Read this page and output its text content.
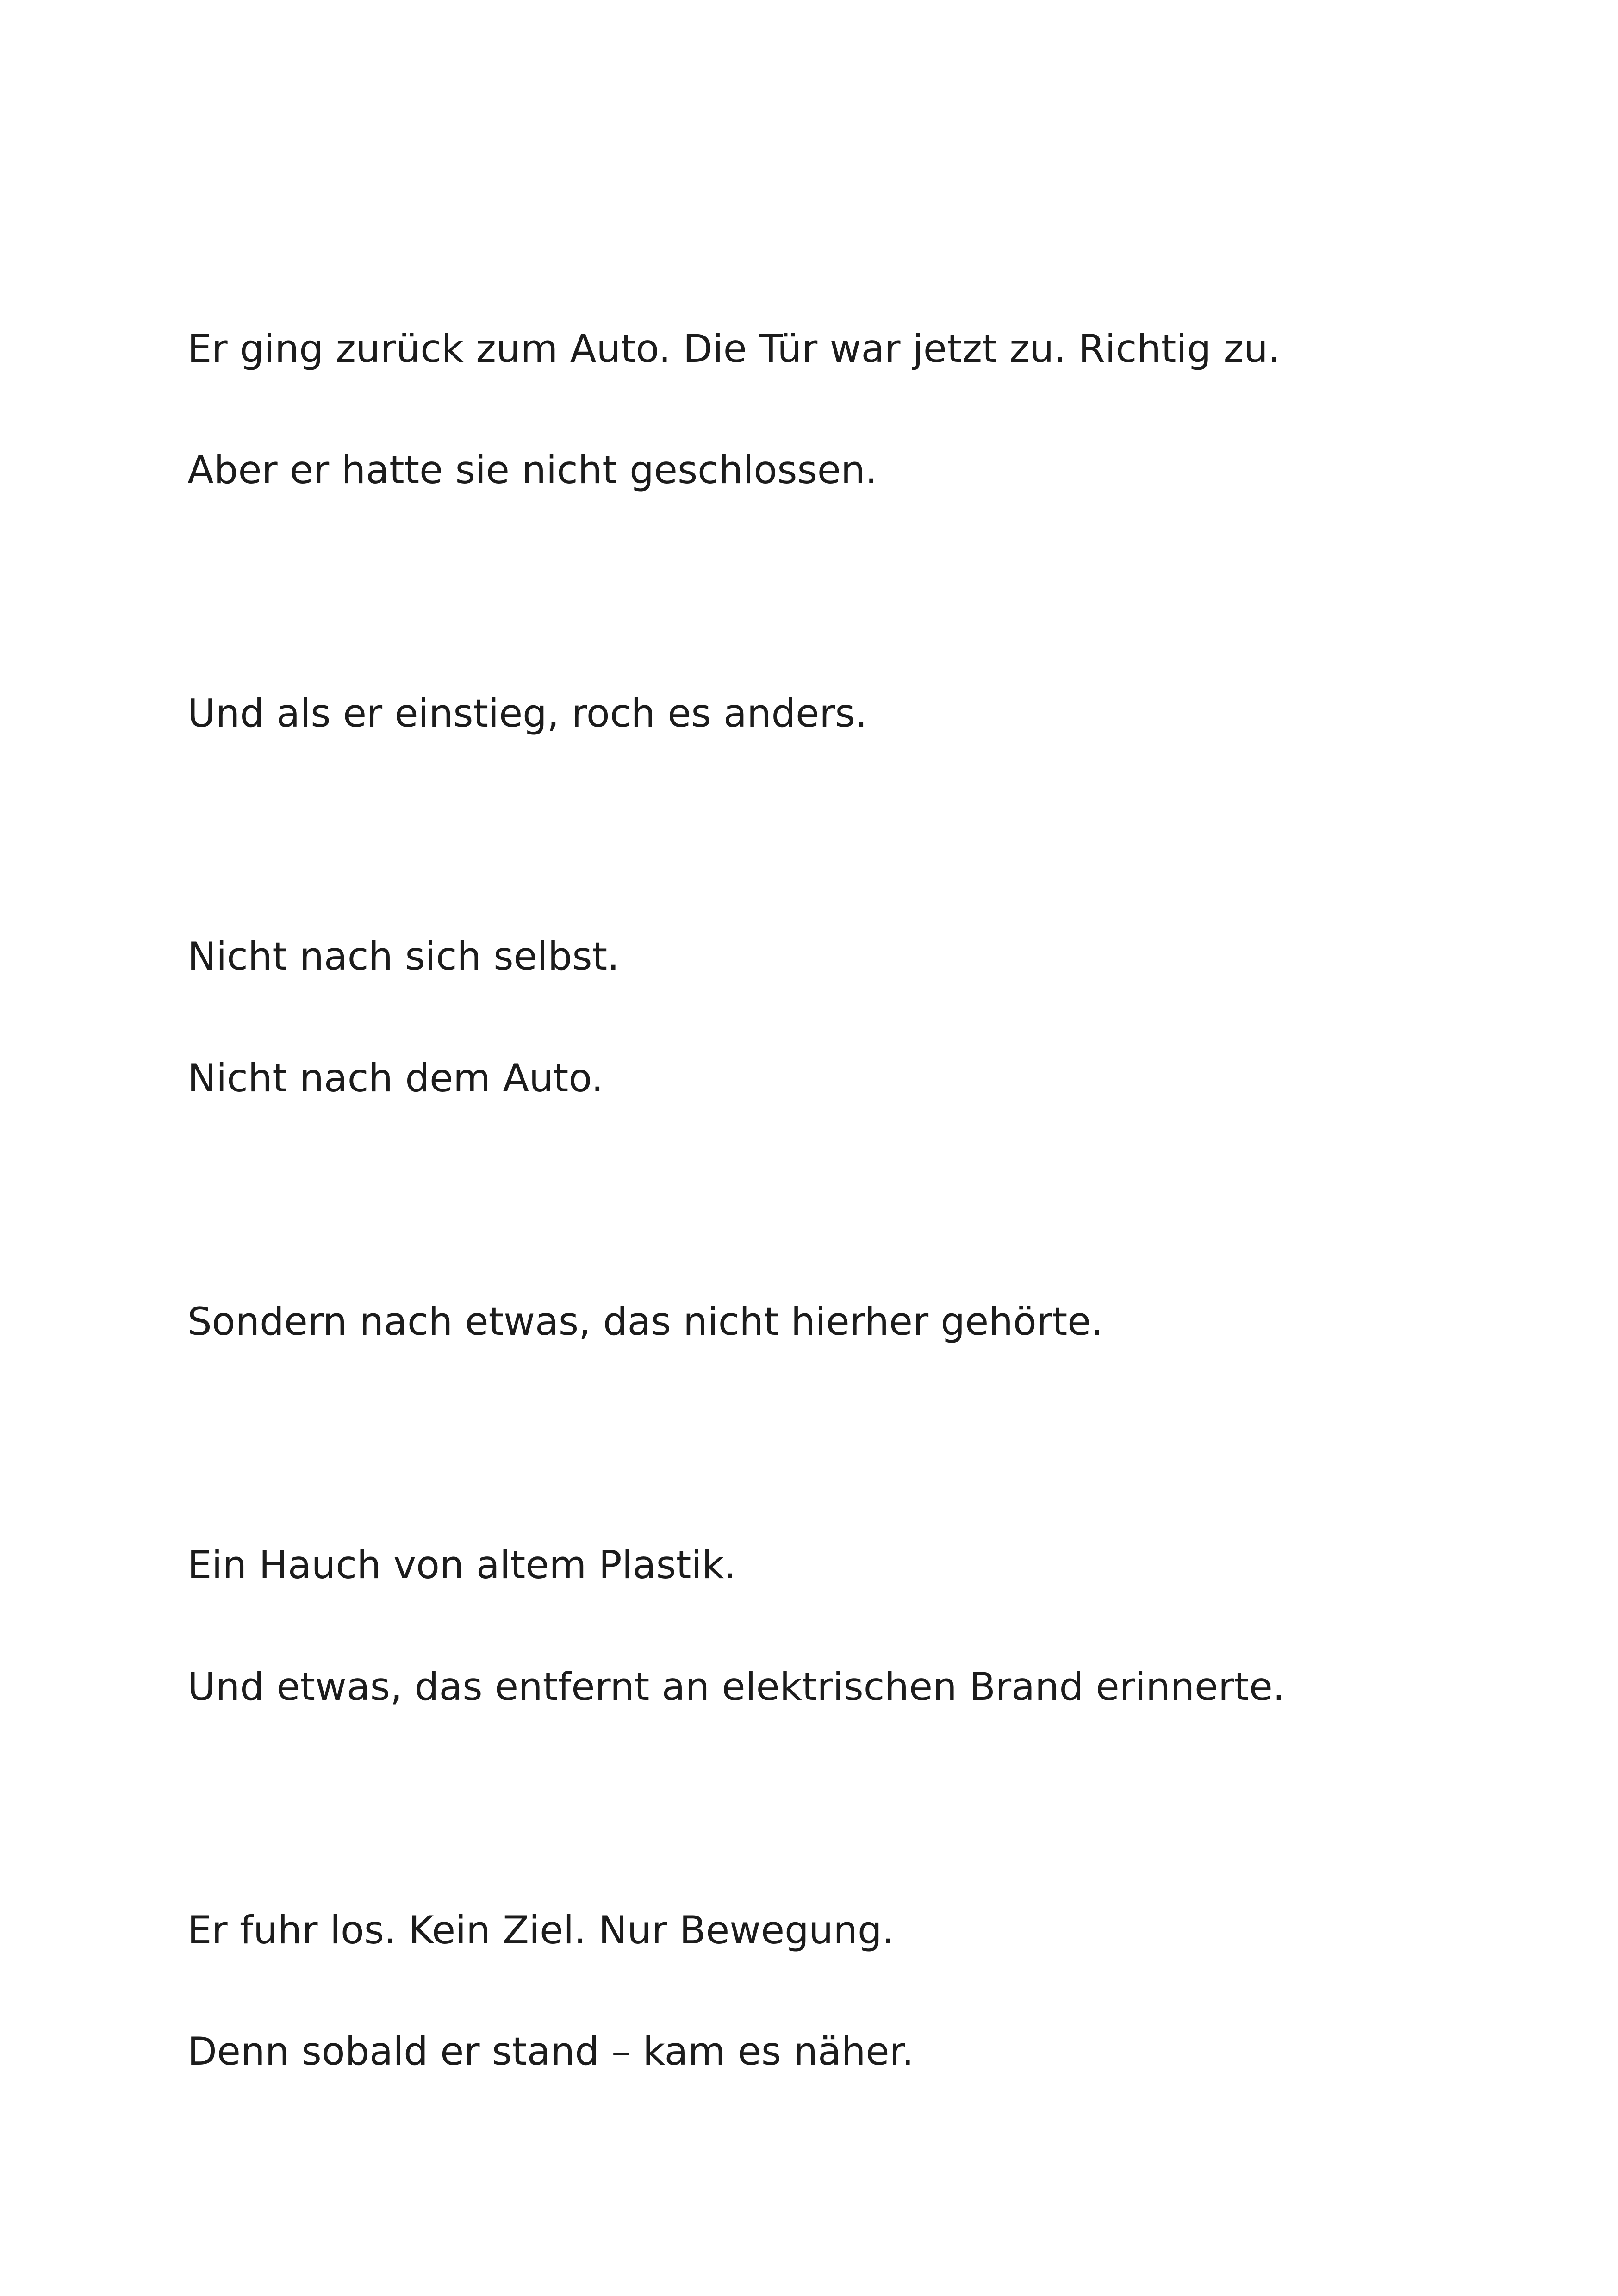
Er ging zurück zum Auto. Die Tür war jetzt zu. Richtig zu.

Aber er hatte sie nicht geschlossen.

Und als er einstieg, roch es anders.

Nicht nach sich selbst.

Nicht nach dem Auto.

Sondern nach etwas, das nicht hierher gehörte.

Ein Hauch von altem Plastik.

Und etwas, das entfernt an elektrischen Brand erinnerte.

Er fuhr los. Kein Ziel. Nur Bewegung.

Denn sobald er stand – kam es näher.
